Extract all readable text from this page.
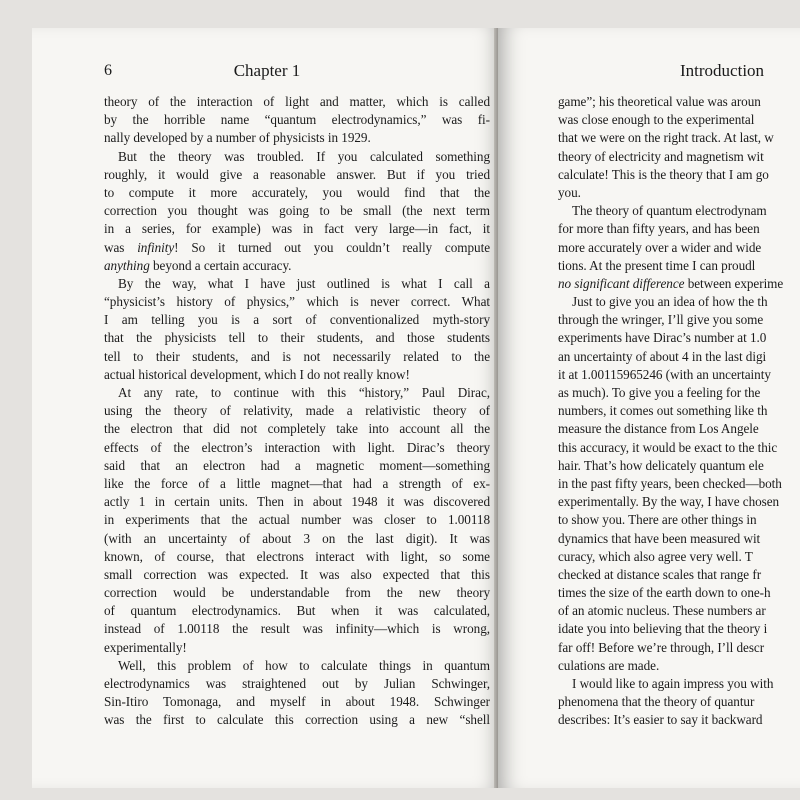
6	Chapter 1
theory of the interaction of light and matter, which is called
by the horrible name “quantum electrodynamics,” was fi-
nally developed by a number of physicists in 1929.
But the theory was troubled. If you calculated something
roughly, it would give a reasonable answer. But if you tried
to compute it more accurately, you would find that the
correction you thought was going to be small (the next term
in a series, for example) was in fact very large—in fact, it
was infinity! So it turned out you couldn’t really compute
anything beyond a certain accuracy.
By the way, what I have just outlined is what I call a
“physicist’s history of physics,” which is never correct. What
I am telling you is a sort of conventionalized myth-story
that the physicists tell to their students, and those students
tell to their students, and is not necessarily related to the
actual historical development, which I do not really know!
At any rate, to continue with this “history,” Paul Dirac,
using the theory of relativity, made a relativistic theory of
the electron that did not completely take into account all the
effects of the electron’s interaction with light. Dirac’s theory
said that an electron had a magnetic moment—something
like the force of a little magnet—that had a strength of ex-
actly 1 in certain units. Then in about 1948 it was discovered
in experiments that the actual number was closer to 1.00118
(with an uncertainty of about 3 on the last digit). It was
known, of course, that electrons interact with light, so some
small correction was expected. It was also expected that this
correction would be understandable from the new theory
of quantum electrodynamics. But when it was calculated,
instead of 1.00118 the result was infinity—which is wrong,
experimentally!
Well, this problem of how to calculate things in quantum
electrodynamics was straightened out by Julian Schwinger,
Sin-Itiro Tomonaga, and myself in about 1948. Schwinger
was the first to calculate this correction using a new “shell
Introduction
game”; his theoretical value was aroun
was close enough to the experimental
that we were on the right track. At last, w
theory of electricity and magnetism wit
calculate! This is the theory that I am go
you.
The theory of quantum electrodynam
for more than fifty years, and has been
more accurately over a wider and wide
tions. At the present time I can proudl
no significant difference between experime
Just to give you an idea of how the th
through the wringer, I’ll give you some
experiments have Dirac’s number at 1.0
an uncertainty of about 4 in the last digi
it at 1.00115965246 (with an uncertainty
as much). To give you a feeling for the
numbers, it comes out something like th
measure the distance from Los Angele
this accuracy, it would be exact to the thic
hair. That’s how delicately quantum ele
in the past fifty years, been checked—both
experimentally. By the way, I have chosen
to show you. There are other things in
dynamics that have been measured wit
curacy, which also agree very well. T
checked at distance scales that range fr
times the size of the earth down to one-h
of an atomic nucleus. These numbers ar
idate you into believing that the theory i
far off! Before we’re through, I’ll descr
culations are made.
I would like to again impress you with
phenomena that the theory of quantur
describes: It’s easier to say it backward
